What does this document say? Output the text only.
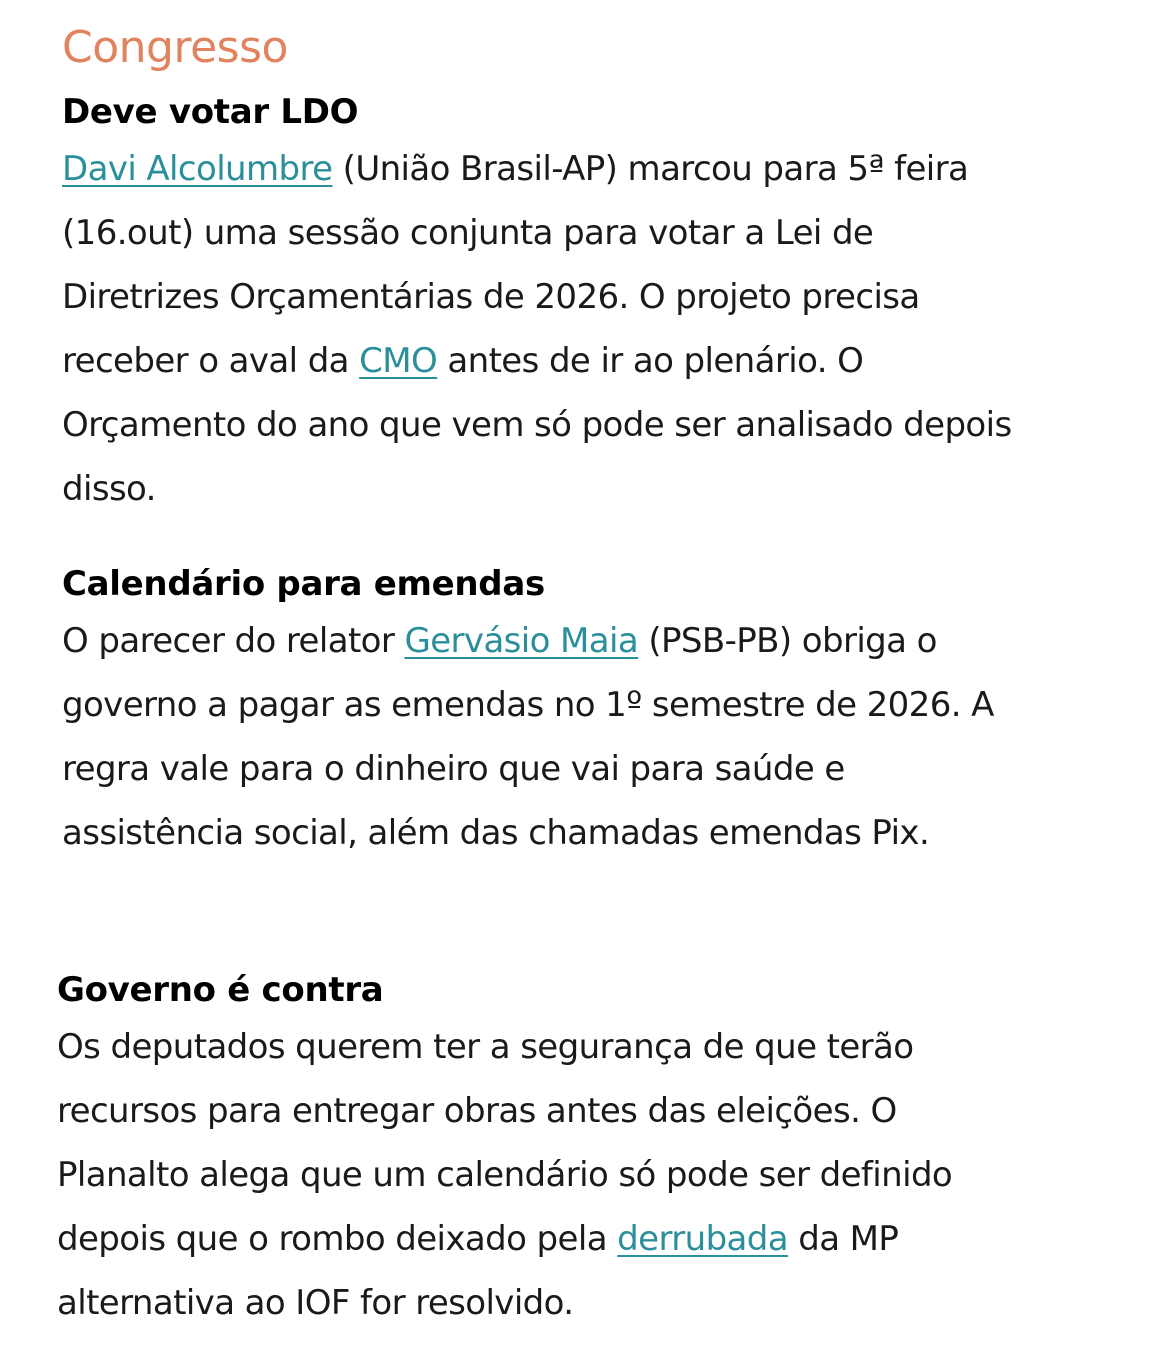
Congresso
Deve votar LDO

Davi Alcolumbre (União Brasil-AP) marcou para 5ª feira
(16.out) uma sessão conjunta para votar a Lei de
Diretrizes Orçamentárias de 2026. O projeto precisa
receber o aval da CMO antes de ir ao plenário. O
Orçamento do ano que vem só pode ser analisado depois
disso.

Calendário para emendas

O parecer do relator Gervásio Maia (PSB-PB) obriga o
governo a pagar as emendas no 1º semestre de 2026. A
regra vale para o dinheiro que vai para saúde e
assistência social, além das chamadas emendas Pix.

Governo é contra

Os deputados querem ter a segurança de que terão
recursos para entregar obras antes das eleições. O
Planalto alega que um calendário só pode ser definido
depois que o rombo deixado pela derrubada da MP
alternativa ao IOF for resolvido.
